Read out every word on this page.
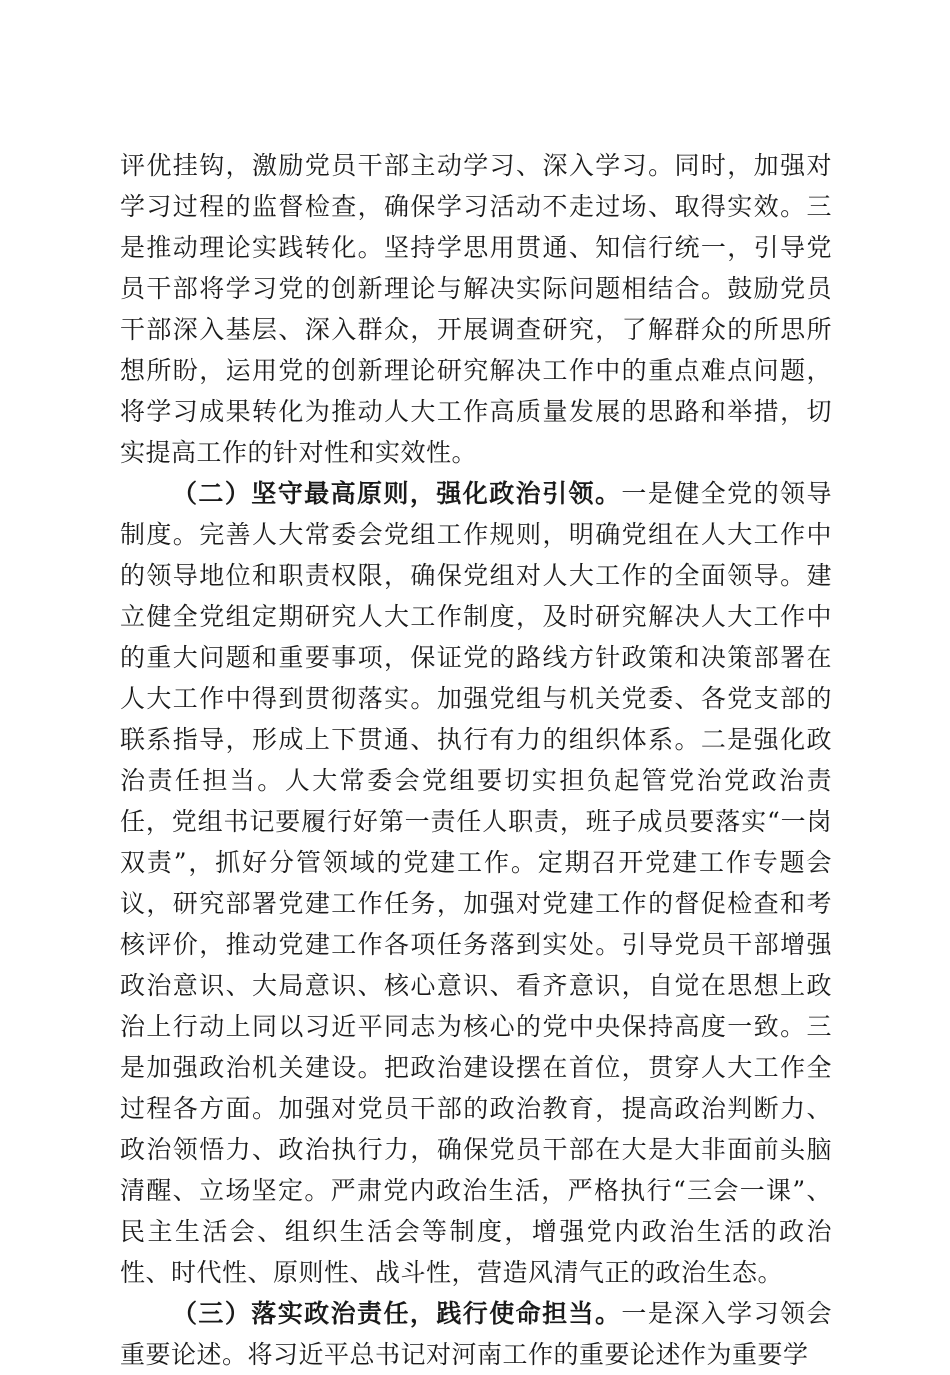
评优挂钩，激励党员干部主动学习、深入学习。同时，加强对学习过程的监督检查，确保学习活动不走过场、取得实效。三是推动理论实践转化。坚持学思用贯通、知信行统一，引导党员干部将学习党的创新理论与解决实际问题相结合。鼓励党员干部深入基层、深入群众，开展调查研究，了解群众的所思所想所盼，运用党的创新理论研究解决工作中的重点难点问题，将学习成果转化为推动人大工作高质量发展的思路和举措，切实提高工作的针对性和实效性。

（二）坚守最高原则，强化政治引领。一是健全党的领导制度。完善人大常委会党组工作规则，明确党组在人大工作中的领导地位和职责权限，确保党组对人大工作的全面领导。建立健全党组定期研究人大工作制度，及时研究解决人大工作中的重大问题和重要事项，保证党的路线方针政策和决策部署在人大工作中得到贯彻落实。加强党组与机关党委、各党支部的联系指导，形成上下贯通、执行有力的组织体系。二是强化政治责任担当。人大常委会党组要切实担负起管党治党政治责任，党组书记要履行好第一责任人职责，班子成员要落实“一岗双责”，抓好分管领域的党建工作。定期召开党建工作专题会议，研究部署党建工作任务，加强对党建工作的督促检查和考核评价，推动党建工作各项任务落到实处。引导党员干部增强政治意识、大局意识、核心意识、看齐意识，自觉在思想上政治上行动上同以习近平同志为核心的党中央保持高度一致。三是加强政治机关建设。把政治建设摆在首位，贯穿人大工作全过程各方面。加强对党员干部的政治教育，提高政治判断力、政治领悟力、政治执行力，确保党员干部在大是大非面前头脑清醒、立场坚定。严肃党内政治生活，严格执行“三会一课”、民主生活会、组织生活会等制度，增强党内政治生活的政治性、时代性、原则性、战斗性，营造风清气正的政治生态。

（三）落实政治责任，践行使命担当。一是深入学习领会重要论述。将习近平总书记对河南工作的重要论述作为重要学
